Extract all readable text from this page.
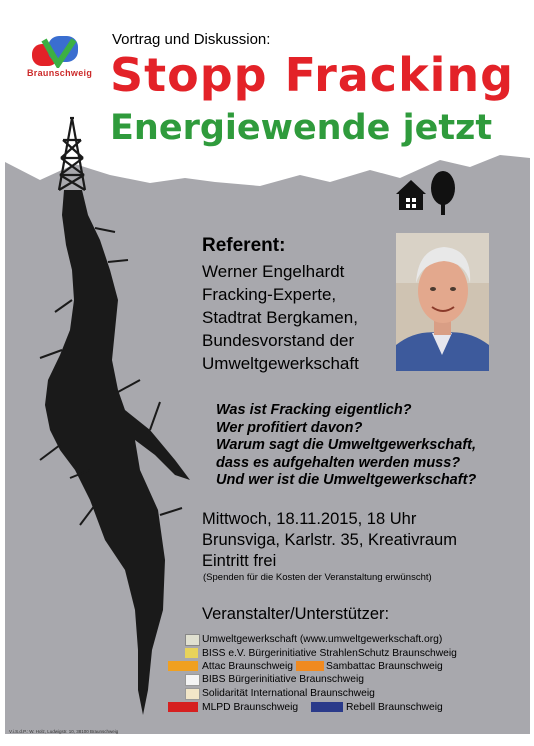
Braunschweig
Vortrag und Diskussion:
Stopp Fracking
Energiewende jetzt
Referent:
Werner Engelhardt
Fracking-Experte,
Stadtrat Bergkamen,
Bundesvorstand der
Umweltgewerkschaft
Was ist Fracking eigentlich?
Wer profitiert davon?
Warum sagt die Umweltgewerkschaft,
dass es aufgehalten werden muss?
Und wer ist die Umweltgewerkschaft?
Mittwoch, 18.11.2015, 18 Uhr
Brunsviga, Karlstr. 35, Kreativraum
Eintritt frei
(Spenden für die Kosten der Veranstaltung erwünscht)
Veranstalter/Unterstützer:
Umweltgewerkschaft (www.umweltgewerkschaft.org)
BISS e.V. Bürgerinitiative StrahlenSchutz Braunschweig
Attac Braunschweig	Sambattac Braunschweig
BIBS Bürgerinitiative Braunschweig
Solidarität International Braunschweig
MLPD Braunschweig	Rebell Braunschweig
V.i.S.d.P.: W. Holz, Ludwigstr. 10, 38100 Braunschweig
